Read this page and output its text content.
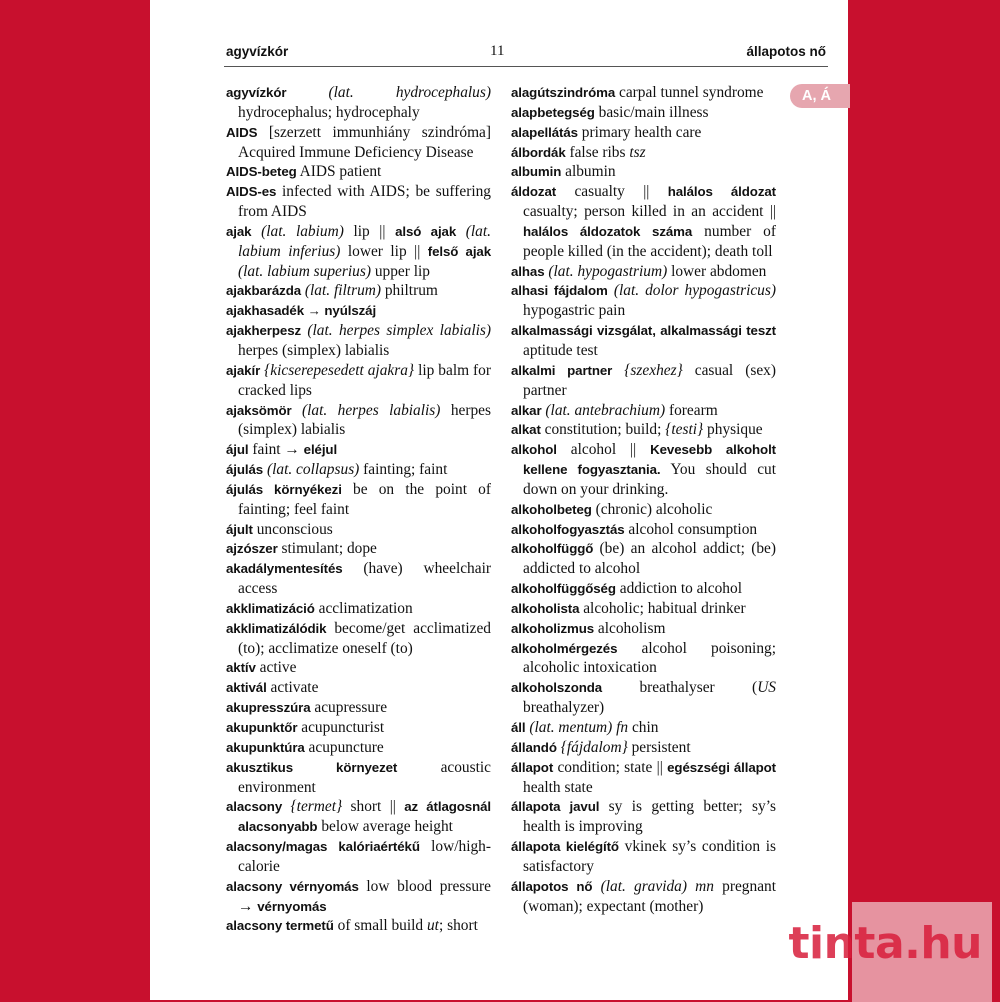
agyvízkór	11	állapotos nő
agyvízkór	(lat. hydrocephalus) hydrocephalus; hydrocephaly
AIDS [szerzett immunhiány szindróma] Acquired Immune Deficiency Disease
AIDS-beteg AIDS patient
AIDS-es infected with AIDS; be suffering from AIDS
ajak (lat. labium) lip || alsó ajak (lat. labium inferius) lower lip || felső ajak (lat. labium superius) upper lip
ajakbarázda (lat. filtrum) philtrum
ajakhasadék → nyúlszáj
ajakherpesz (lat. herpes simplex labialis) herpes (simplex) labialis
ajakír {kicserepesedett ajakra} lip balm for cracked lips
ajaksömör (lat. herpes labialis) herpes (simplex) labialis
ájul faint → eléjul
ájulás (lat. collapsus) fainting; faint
ájulás környékezi be on the point of fainting; feel faint
ájult unconscious
ajzószer stimulant; dope
akadálymentesítés (have) wheelchair access
akklimatizáció acclimatization
akklimatizálódik become/get acclimatized (to); acclimatize oneself (to)
aktív active
aktivál activate
akupresszúra acupressure
akupunktőr acupuncturist
akupunktúra acupuncture
akusztikus környezet acoustic environment
alacsony {termet} short || az átlagosnál alacsonyabb below average height
alacsony/magas kalóriaértékű low/high-calorie
alacsony vérnyomás low blood pressure → vérnyomás
alacsony termetű of small build ut; short
alagútszindróma carpal tunnel syndrome
alapbetegség basic/main illness
alapellátás primary health care
álbordák false ribs tsz
albumin albumin
áldozat casualty || halálos áldozat casualty; person killed in an accident || halálos áldozatok száma number of people killed (in the accident); death toll
alhas (lat. hypogastrium) lower abdomen
alhasi fájdalom (lat. dolor hypogastricus) hypogastric pain
alkalmassági vizsgálat, alkalmassági teszt aptitude test
alkalmi partner {szexhez} casual (sex) partner
alkar (lat. antebrachium) forearm
alkat constitution; build; {testi} physique
alkohol alcohol || Kevesebb alkoholt kellene fogyasztania. You should cut down on your drinking.
alkoholbeteg (chronic) alcoholic
alkoholfogyasztás alcohol consumption
alkoholfüggő (be) an alcohol addict; (be) addicted to alcohol
alkoholfüggőség addiction to alcohol
alkoholista alcoholic; habitual drinker
alkoholizmus alcoholism
alkoholmérgezés alcohol poisoning; alcoholic intoxication
alkoholszonda breathalyser (US breathalyzer)
áll (lat. mentum) fn chin
állandó {fájdalom} persistent
állapot condition; state || egészségi állapot health state
állapota javul sy is getting better; sy’s health is improving
állapota kielégítő vkinek sy’s condition is satisfactory
állapotos nő (lat. gravida) mn pregnant (woman); expectant (mother)
A, Á
tinta.hu
